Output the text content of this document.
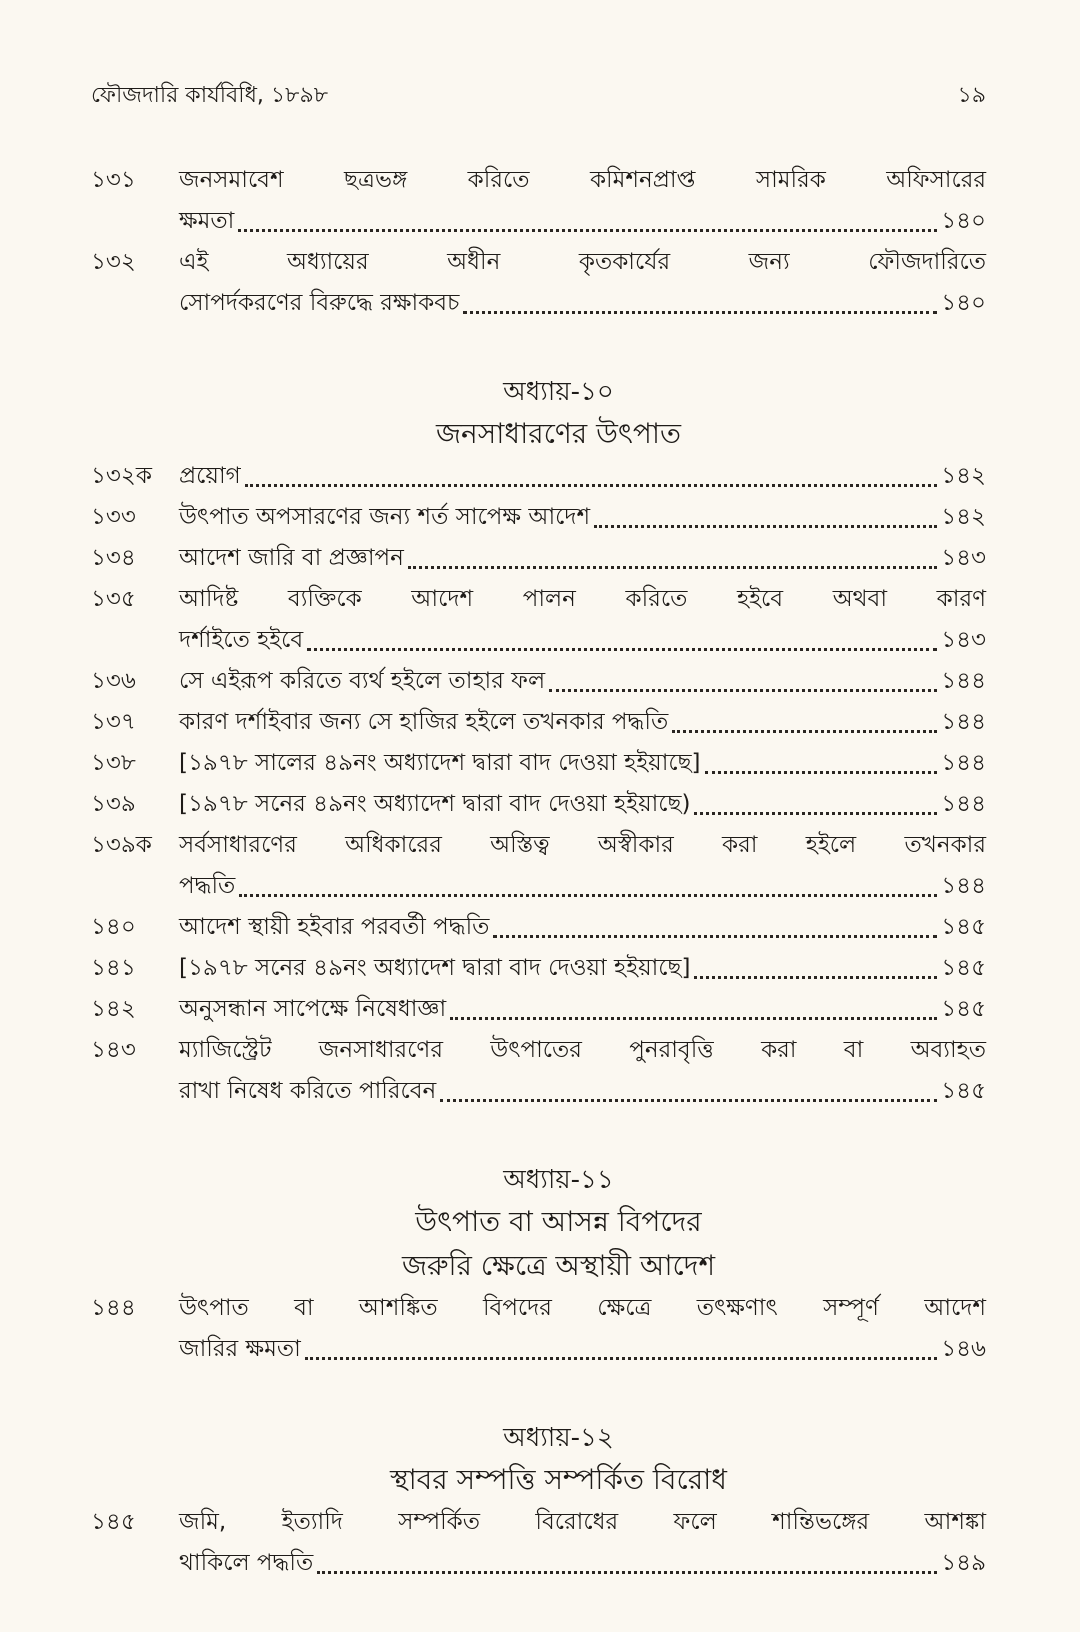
ফৌজদারি কার্যবিধি, ১৮৯৮	১৯
১৩১	জনসমাবেশ ছত্রভঙ্গ করিতে কমিশনপ্রাপ্ত সামরিক অফিসারের
ক্ষমতা	১৪০
১৩২	এই অধ্যায়ের অধীন কৃতকার্যের জন্য ফৌজদারিতে
সোপর্দকরণের বিরুদ্ধে রক্ষাকবচ	১৪০
অধ্যায়-১০
জনসাধারণের উৎপাত
১৩২ক	প্রয়োগ	১৪২
১৩৩	উৎপাত অপসারণের জন্য শর্ত সাপেক্ষ আদেশ	১৪২
১৩৪	আদেশ জারি বা প্রজ্ঞাপন	১৪৩
১৩৫	আদিষ্ট ব্যক্তিকে আদেশ পালন করিতে হইবে অথবা কারণ
দর্শাইতে হইবে	১৪৩
১৩৬	সে এইরূপ করিতে ব্যর্থ হইলে তাহার ফল	১৪৪
১৩৭	কারণ দর্শাইবার জন্য সে হাজির হইলে তখনকার পদ্ধতি	১৪৪
১৩৮	[১৯৭৮ সালের ৪৯নং অধ্যাদেশ দ্বারা বাদ দেওয়া হইয়াছে]	১৪৪
১৩৯	[১৯৭৮ সনের ৪৯নং অধ্যাদেশ দ্বারা বাদ দেওয়া হইয়াছে)	১৪৪
১৩৯ক	সর্বসাধারণের অধিকারের অস্তিত্ব অস্বীকার করা হইলে তখনকার
পদ্ধতি	১৪৪
১৪০	আদেশ স্থায়ী হইবার পরবর্তী পদ্ধতি	১৪৫
১৪১	[১৯৭৮ সনের ৪৯নং অধ্যাদেশ দ্বারা বাদ দেওয়া হইয়াছে]	১৪৫
১৪২	অনুসন্ধান সাপেক্ষে নিষেধাজ্ঞা	১৪৫
১৪৩	ম্যাজিস্ট্রেট জনসাধারণের উৎপাতের পুনরাবৃত্তি করা বা অব্যাহত
রাখা নিষেধ করিতে পারিবেন	১৪৫
অধ্যায়-১১
উৎপাত বা আসন্ন বিপদের
জরুরি ক্ষেত্রে অস্থায়ী আদেশ
১৪৪	উৎপাত বা আশঙ্কিত বিপদের ক্ষেত্রে তৎক্ষণাৎ সম্পূর্ণ আদেশ
জারির ক্ষমতা	১৪৬
অধ্যায়-১২
স্থাবর সম্পত্তি সম্পর্কিত বিরোধ
১৪৫	জমি, ইত্যাদি সম্পর্কিত বিরোধের ফলে শান্তিভঙ্গের আশঙ্কা
থাকিলে পদ্ধতি	১৪৯
